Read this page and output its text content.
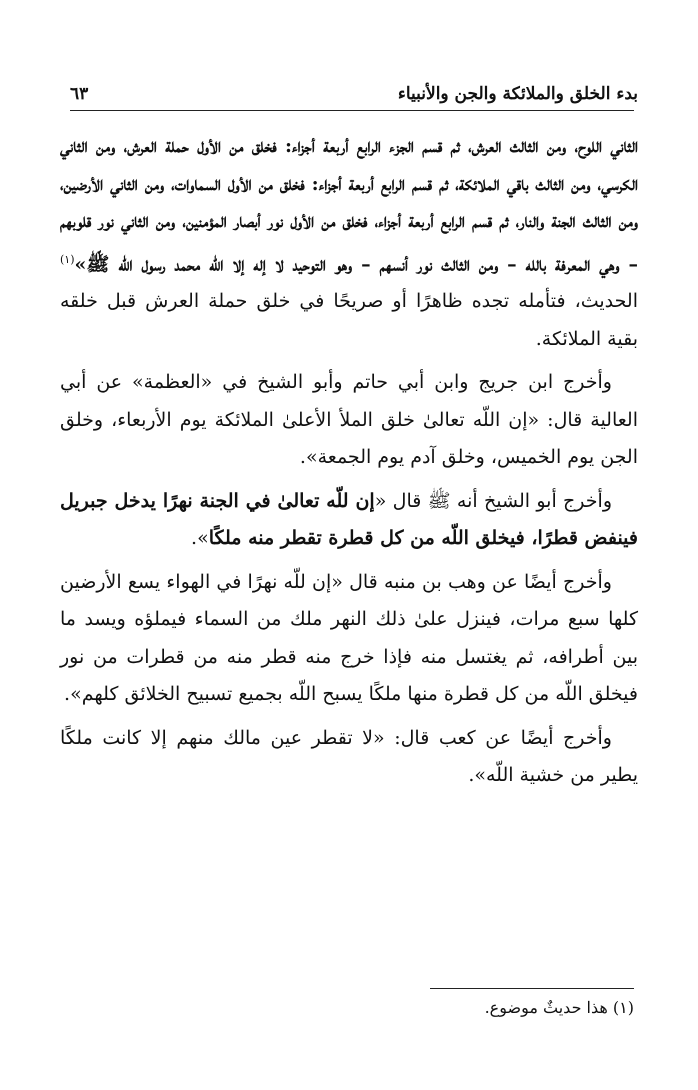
بدء الخلق والملائكة والجن والأنبياء
٦٣

الثاني اللوح، ومن الثالث العرش، ثم قسم الجزء الرابع أربعة أجزاء: فخلق من الأول حملة العرش، ومن الثاني الكرسي، ومن الثالث باقي الملائكة، ثم قسم الرابع أربعة أجزاء: فخلق من الأول السماوات، ومن الثاني الأرضين، ومن الثالث الجنة والنار، ثم قسم الرابع أربعة أجزاء، فخلق من الأول نور أبصار المؤمنين، ومن الثاني نور قلوبهم – وهي المعرفة بالله – ومن الثالث نور أنسهم – وهو التوحيد لا إله إلا اللّه محمد رسول اللّه ﷺ»$^{(١)}$ الحديث، فتأمله تجده ظاهرًا أو صريحًا في خلق حملة العرش قبل خلقه بقية الملائكة.

وأخرج ابن جريج وابن أبي حاتم وأبو الشيخ في «العظمة» عن أبي العالية قال: «إن اللّه تعالىٰ خلق الملأ الأعلىٰ الملائكة يوم الأربعاء، وخلق الجن يوم الخميس، وخلق آدم يوم الجمعة».

وأخرج أبو الشيخ أنه ﷺ قال «إن للّه تعالىٰ في الجنة نهرًا يدخل جبريل فينفض قطرًا، فيخلق اللّه من كل قطرة تقطر منه ملكًا».

وأخرج أيضًا عن وهب بن منبه قال «إن للّه نهرًا في الهواء يسع الأرضين كلها سبع مرات، فينزل علىٰ ذلك النهر ملك من السماء فيملؤه ويسد ما بين أطرافه، ثم يغتسل منه فإذا خرج منه قطر منه من قطرات من نور فيخلق اللّه من كل قطرة منها ملكًا يسبح اللّه بجميع تسبيح الخلائق كلهم».

وأخرج أيضًا عن كعب قال: «لا تقطر عين مالك منهم إلا كانت ملكًا يطير من خشية اللّه».

(١) هذا حديثٌ موضوع.
